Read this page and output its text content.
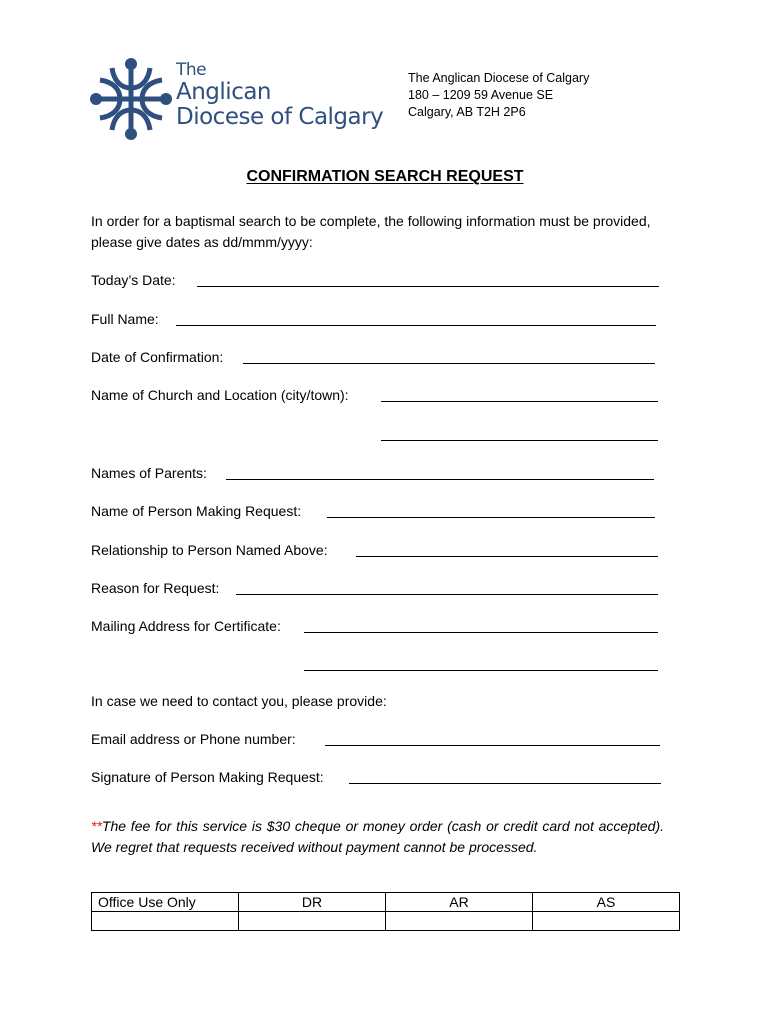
The
Anglican
Diocese of Calgary
The Anglican Diocese of Calgary
180 – 1209 59 Avenue SE
Calgary, AB T2H 2P6
CONFIRMATION SEARCH REQUEST
In order for a baptismal search to be complete, the following information must be provided, please give dates as dd/mmm/yyyy:
Today’s Date:
Full Name:
Date of Confirmation:
Name of Church and Location (city/town):
Names of Parents:
Name of Person Making Request:
Relationship to Person Named Above:
Reason for Request:
Mailing Address for Certificate:
In case we need to contact you, please provide:
Email address or Phone number:
Signature of Person Making Request:
**The fee for this service is $30 cheque or money order (cash or credit card not accepted). We regret that requests received without payment cannot be processed.
Office Use Only	DR	AR	AS
